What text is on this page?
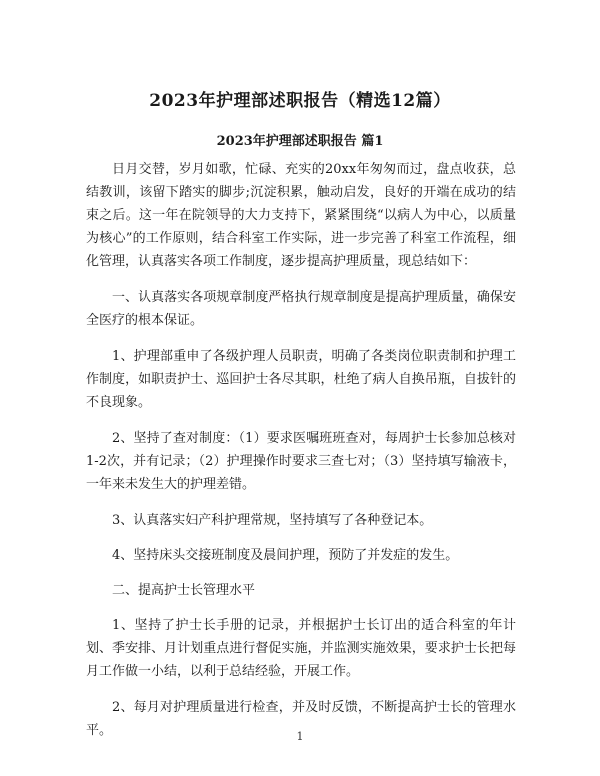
2023年护理部述职报告（精选12篇）
2023年护理部述职报告 篇1

日月交替，岁月如歌，忙碌、充实的20xx年匆匆而过，盘点收获，总结教训，该留下踏实的脚步;沉淀积累，触动启发，良好的开端在成功的结束之后。这一年在院领导的大力支持下，紧紧围绕“以病人为中心，以质量为核心”的工作原则，结合科室工作实际，进一步完善了科室工作流程，细化管理，认真落实各项工作制度，逐步提高护理质量，现总结如下：

一、认真落实各项规章制度严格执行规章制度是提高护理质量，确保安全医疗的根本保证。

1、护理部重申了各级护理人员职责，明确了各类岗位职责制和护理工作制度，如职责护士、巡回护士各尽其职，杜绝了病人自换吊瓶，自拔针的不良现象。

2、坚持了查对制度：（1）要求医嘱班班查对，每周护士长参加总核对1-2次，并有记录；（2）护理操作时要求三查七对；（3）坚持填写输液卡，一年来未发生大的护理差错。

3、认真落实妇产科护理常规，坚持填写了各种登记本。

4、坚持床头交接班制度及晨间护理，预防了并发症的发生。

二、提高护士长管理水平

1、坚持了护士长手册的记录，并根据护士长订出的适合科室的年计划、季安排、月计划重点进行督促实施，并监测实施效果，要求护士长把每月工作做一小结，以利于总结经验，开展工作。

2、每月对护理质量进行检查，并及时反馈，不断提高护士长的管理水平。	1
